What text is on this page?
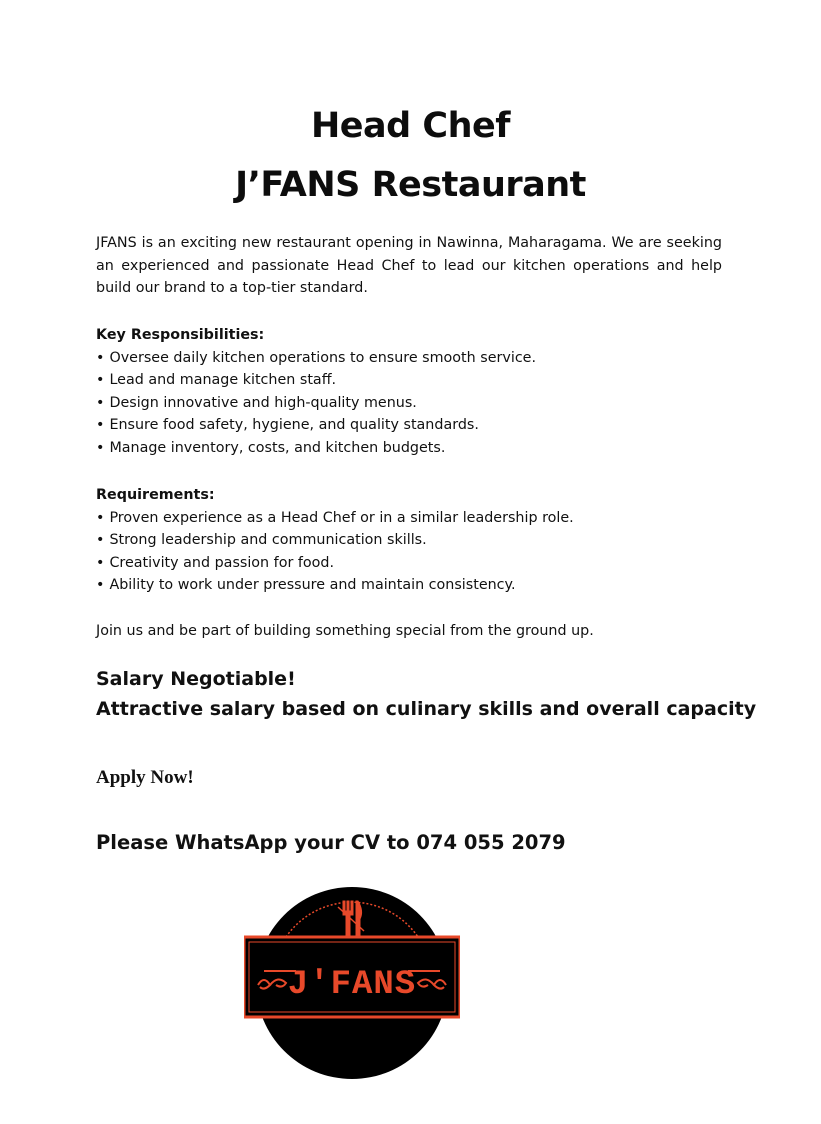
Head Chef
J’FANS Restaurant

JFANS is an exciting new restaurant opening in Nawinna, Maharagama. We are seeking an experienced and passionate Head Chef to lead our kitchen operations and help build our brand to a top-tier standard.

Key Responsibilities:

• Oversee daily kitchen operations to ensure smooth service.
• Lead and manage kitchen staff.
• Design innovative and high-quality menus.
• Ensure food safety, hygiene, and quality standards.
• Manage inventory, costs, and kitchen budgets.

Requirements:

• Proven experience as a Head Chef or in a similar leadership role.
• Strong leadership and communication skills.
• Creativity and passion for food.
• Ability to work under pressure and maintain consistency.

Join us and be part of building something special from the ground up.

Salary Negotiable!
Attractive salary based on culinary skills and overall capacity
Apply Now!
Please WhatsApp your CV to 074 055 2079
J'FANS
